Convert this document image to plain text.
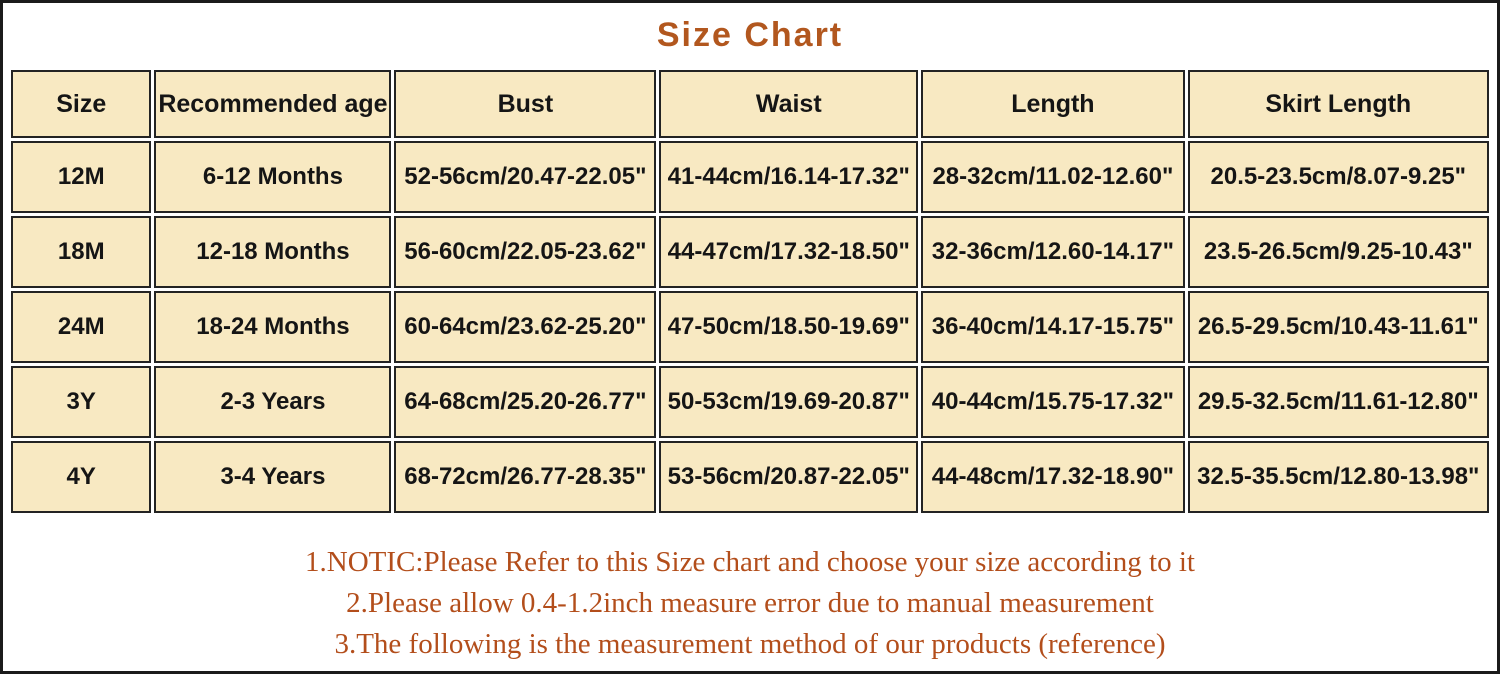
Size Chart
Size	Recommended age	Bust	Waist	Length	Skirt Length
12M	6-12 Months	52-56cm/20.47-22.05"	41-44cm/16.14-17.32"	28-32cm/11.02-12.60"	20.5-23.5cm/8.07-9.25"
18M	12-18 Months	56-60cm/22.05-23.62"	44-47cm/17.32-18.50"	32-36cm/12.60-14.17"	23.5-26.5cm/9.25-10.43"
24M	18-24 Months	60-64cm/23.62-25.20"	47-50cm/18.50-19.69"	36-40cm/14.17-15.75"	26.5-29.5cm/10.43-11.61"
3Y	2-3 Years	64-68cm/25.20-26.77"	50-53cm/19.69-20.87"	40-44cm/15.75-17.32"	29.5-32.5cm/11.61-12.80"
4Y	3-4 Years	68-72cm/26.77-28.35"	53-56cm/20.87-22.05"	44-48cm/17.32-18.90"	32.5-35.5cm/12.80-13.98"
1.NOTIC:Please Refer to this Size chart and choose your size according to it
2.Please allow 0.4-1.2inch measure error due to manual measurement
3.The following is the measurement method of our products (reference)
